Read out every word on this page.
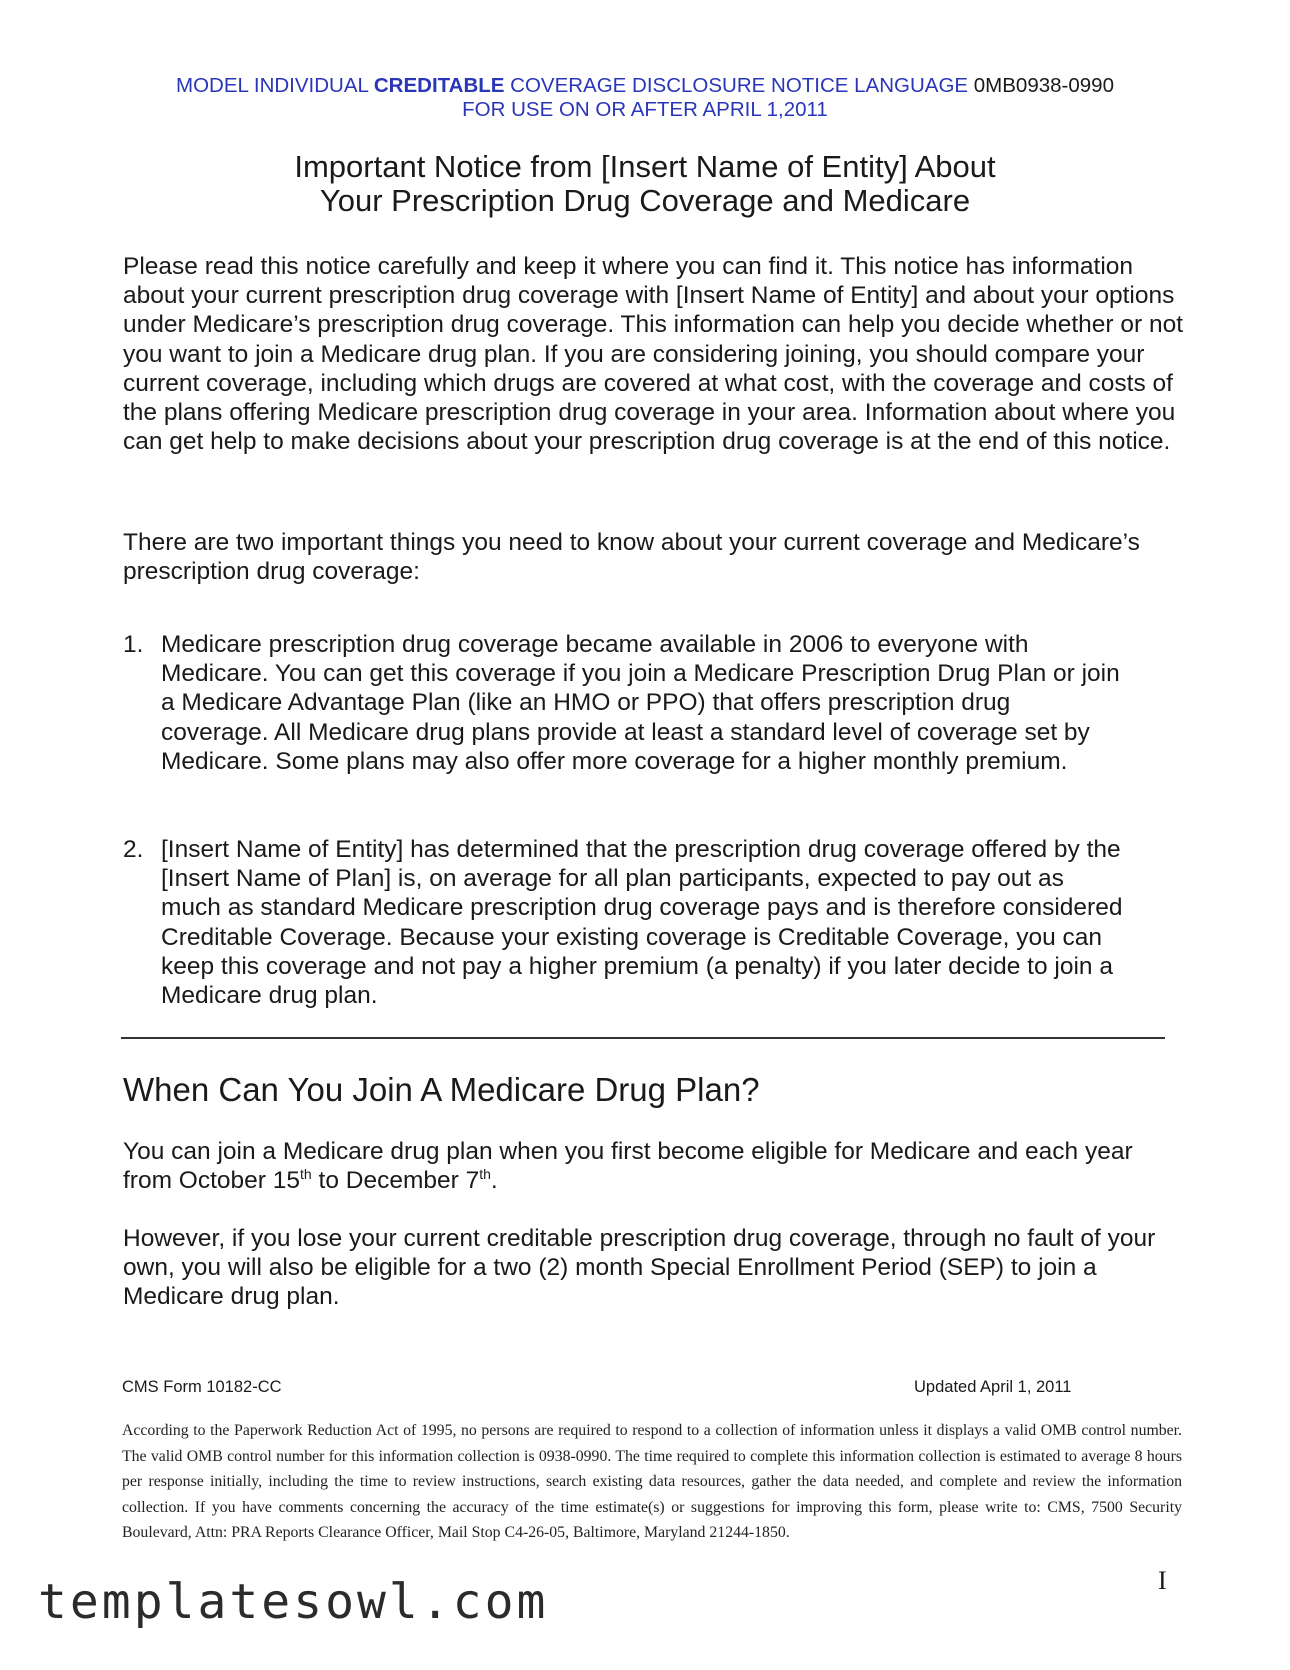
MODEL INDIVIDUAL CREDITABLE COVERAGE DISCLOSURE NOTICE LANGUAGE 0MB0938-0990
FOR USE ON OR AFTER APRIL 1,2011
Important Notice from [Insert Name of Entity] About
Your Prescription Drug Coverage and Medicare

Please read this notice carefully and keep it where you can find it. This notice has information about your current prescription drug coverage with [Insert Name of Entity] and about your options under Medicare’s prescription drug coverage. This information can help you decide whether or not you want to join a Medicare drug plan. If you are considering joining, you should compare your current coverage, including which drugs are covered at what cost, with the coverage and costs of the plans offering Medicare prescription drug coverage in your area. Information about where you can get help to make decisions about your prescription drug coverage is at the end of this notice.

There are two important things you need to know about your current coverage and Medicare’s prescription drug coverage:

1. Medicare prescription drug coverage became available in 2006 to everyone with Medicare. You can get this coverage if you join a Medicare Prescription Drug Plan or join a Medicare Advantage Plan (like an HMO or PPO) that offers prescription drug coverage. All Medicare drug plans provide at least a standard level of coverage set by Medicare. Some plans may also offer more coverage for a higher monthly premium.
2. [Insert Name of Entity] has determined that the prescription drug coverage offered by the [Insert Name of Plan] is, on average for all plan participants, expected to pay out as much as standard Medicare prescription drug coverage pays and is therefore considered Creditable Coverage. Because your existing coverage is Creditable Coverage, you can keep this coverage and not pay a higher premium (a penalty) if you later decide to join a Medicare drug plan.
When Can You Join A Medicare Drug Plan?

You can join a Medicare drug plan when you first become eligible for Medicare and each year from October 15th to December 7th.

However, if you lose your current creditable prescription drug coverage, through no fault of your own, you will also be eligible for a two (2) month Special Enrollment Period (SEP) to join a Medicare drug plan.

CMS Form 10182-CC	Updated April 1, 2011
According to the Paperwork Reduction Act of 1995, no persons are required to respond to a collection of information unless it displays a valid OMB control number. The valid OMB control number for this information collection is 0938-0990. The time required to complete this information collection is estimated to average 8 hours per response initially, including the time to review instructions, search existing data resources, gather the data needed, and complete and review the information collection. If you have comments concerning the accuracy of the time estimate(s) or suggestions for improving this form, please write to: CMS, 7500 Security Boulevard, Attn: PRA Reports Clearance Officer, Mail Stop C4-26-05, Baltimore, Maryland 21244-1850.
I
templatesowl.com
